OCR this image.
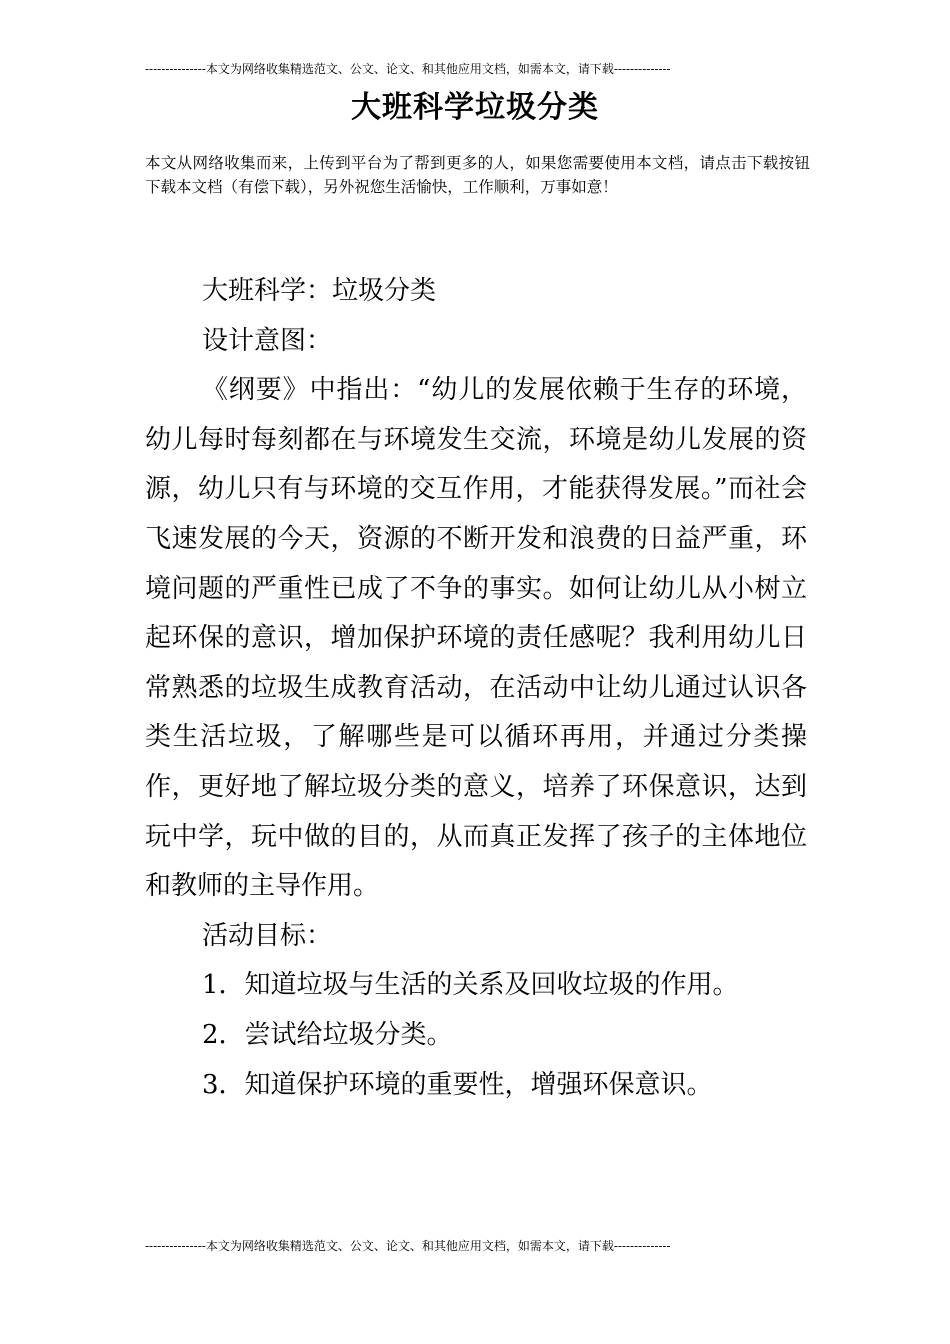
---------------本文为网络收集精选范文、公文、论文、和其他应用文档，如需本文，请下载--------------
大班科学垃圾分类
本文从网络收集而来，上传到平台为了帮到更多的人，如果您需要使用本文档，请点击下载按钮下载本文档（有偿下载），另外祝您生活愉快，工作顺利，万事如意！

大班科学：垃圾分类

设计意图：

《纲要》中指出：“幼儿的发展依赖于生存的环境，幼儿每时每刻都在与环境发生交流，环境是幼儿发展的资源，幼儿只有与环境的交互作用，才能获得发展。”而社会飞速发展的今天，资源的不断开发和浪费的日益严重，环境问题的严重性已成了不争的事实。如何让幼儿从小树立起环保的意识，增加保护环境的责任感呢？我利用幼儿日常熟悉的垃圾生成教育活动，在活动中让幼儿通过认识各类生活垃圾，了解哪些是可以循环再用，并通过分类操作，更好地了解垃圾分类的意义，培养了环保意识，达到玩中学，玩中做的目的，从而真正发挥了孩子的主体地位和教师的主导作用。

活动目标：

1．知道垃圾与生活的关系及回收垃圾的作用。

2．尝试给垃圾分类。

3．知道保护环境的重要性，增强环保意识。

---------------本文为网络收集精选范文、公文、论文、和其他应用文档，如需本文，请下载--------------
